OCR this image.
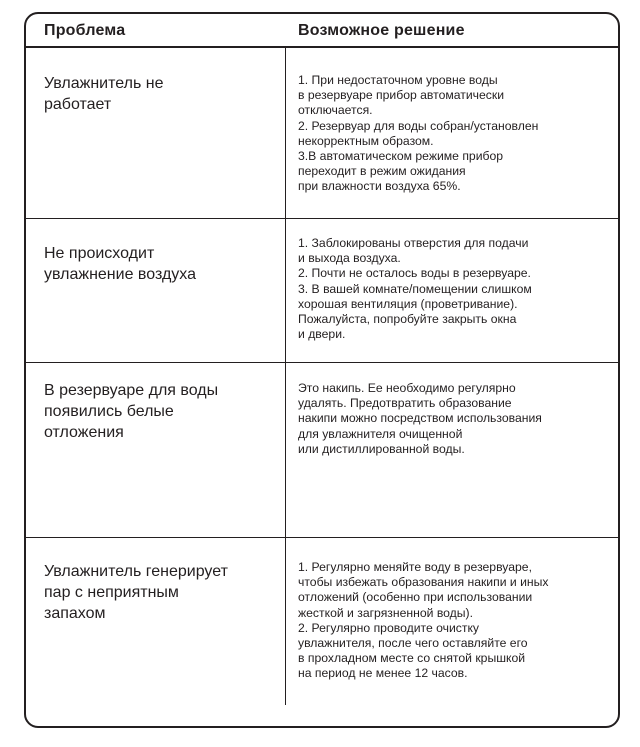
Проблема	Возможное решение
Увлажнитель не
работает
1. При недостаточном уровне воды
в резервуаре прибор автоматически
отключается.
2. Резервуар для воды собран/установлен
некорректным образом.
3.В автоматическом режиме прибор
переходит в режим ожидания
при влажности воздуха 65%.
Не происходит
увлажнение воздуха
1. Заблокированы отверстия для подачи
и выхода воздуха.
2. Почти не осталось воды в резервуаре.
3. В вашей комнате/помещении слишком
хорошая вентиляция (проветривание).
Пожалуйста, попробуйте закрыть окна
и двери.
В резервуаре для воды
появились белые
отложения
Это накипь. Ее необходимо регулярно
удалять. Предотвратить образование
накипи можно посредством использования
для увлажнителя очищенной
или дистиллированной воды.
Увлажнитель генерирует
пар с неприятным
запахом
1. Регулярно меняйте воду в резервуаре,
чтобы избежать образования накипи и иных
отложений (особенно при использовании
жесткой и загрязненной воды).
2. Регулярно проводите очистку
увлажнителя, после чего оставляйте его
в прохладном месте со снятой крышкой
на период не менее 12 часов.
